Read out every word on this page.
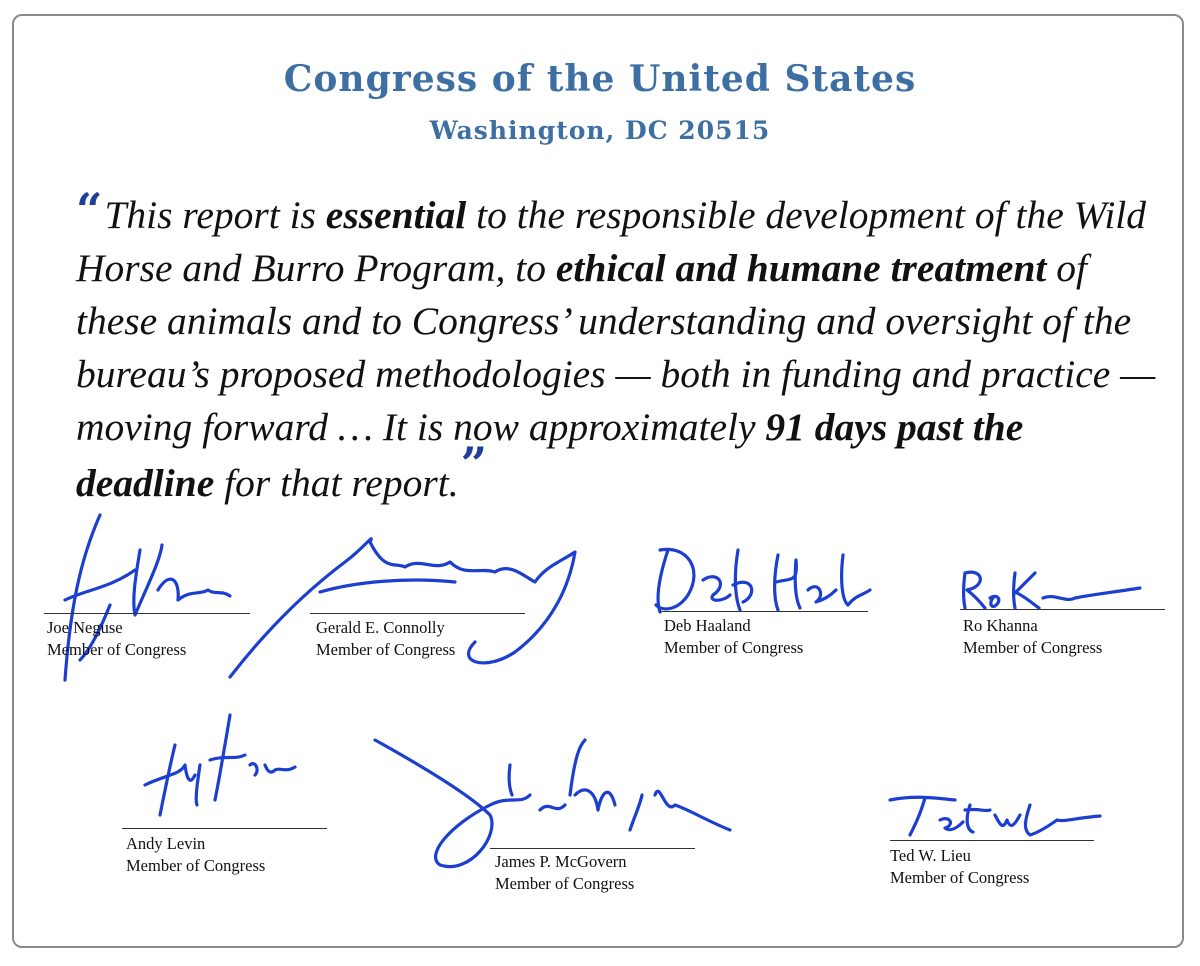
Congress of the United States
Washington, DC 20515
“This report is essential to the responsible development of the Wild Horse and Burro Program, to ethical and humane treatment of these animals and to Congress’ understanding and oversight of the bureau’s proposed methodologies — both in funding and practice — moving forward … It is now approximately 91 days past the deadline for that report.”
Joe Neguse
Member of Congress
Gerald E. Connolly
Member of Congress
Deb Haaland
Member of Congress
Ro Khanna
Member of Congress
Andy Levin
Member of Congress	James P. McGovern
Member of Congress
Ted W. Lieu
Member of Congress
